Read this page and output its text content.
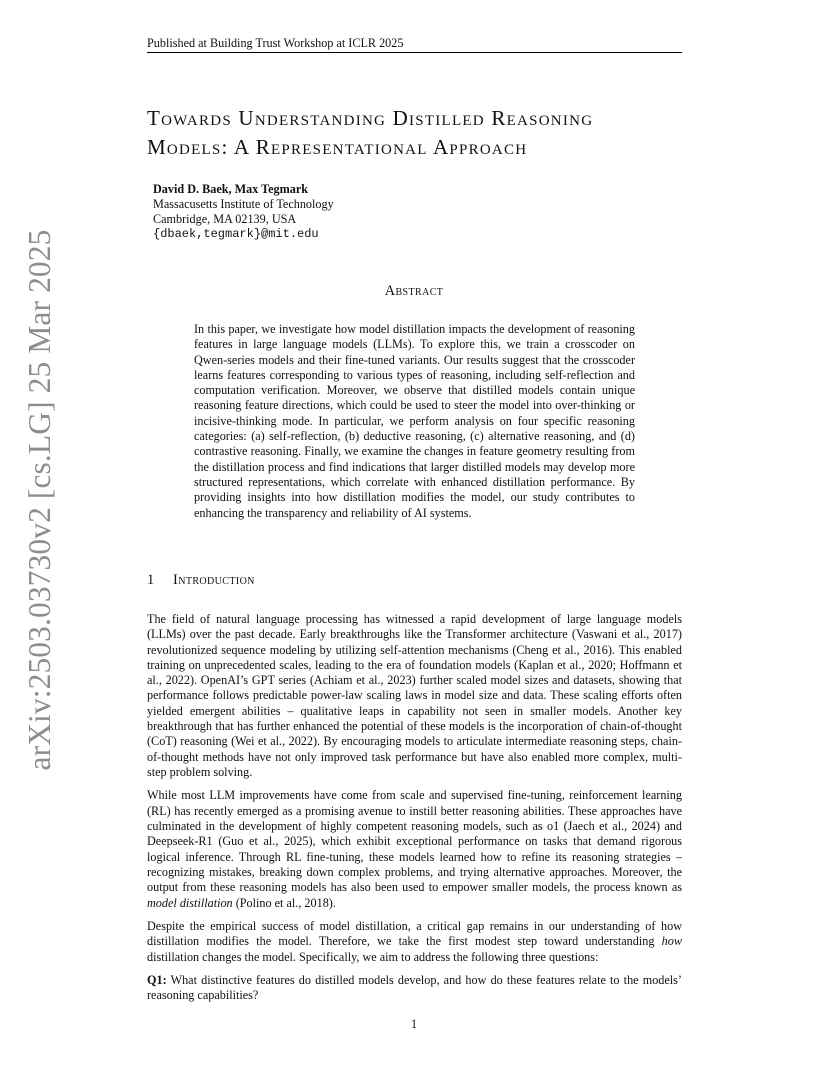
Published at Building Trust Workshop at ICLR 2025
arXiv:2503.03730v2 [cs.LG] 25 Mar 2025
Towards Understanding Distilled Reasoning
Models: A Representational Approach
David D. Baek, Max Tegmark
Massacusetts Institute of Technology
Cambridge, MA 02139, USA
{dbaek,tegmark}@mit.edu
Abstract

In this paper, we investigate how model distillation impacts the development of reasoning features in large language models (LLMs). To explore this, we train a crosscoder on Qwen-series models and their fine-tuned variants. Our results suggest that the crosscoder learns features corresponding to various types of reasoning, including self-reflection and computation verification. Moreover, we observe that distilled models contain unique reasoning feature directions, which could be used to steer the model into over-thinking or incisive-thinking mode. In particular, we perform analysis on four specific reasoning categories: (a) self-reflection, (b) deductive reasoning, (c) alternative reasoning, and (d) contrastive reasoning. Finally, we examine the changes in feature geometry resulting from the distillation process and find indications that larger distilled models may develop more structured representations, which correlate with enhanced distillation performance. By providing insights into how distillation modifies the model, our study contributes to enhancing the transparency and reliability of AI systems.

1 Introduction

The field of natural language processing has witnessed a rapid development of large language models (LLMs) over the past decade. Early breakthroughs like the Transformer architecture (Vaswani et al., 2017) revolutionized sequence modeling by utilizing self-attention mechanisms (Cheng et al., 2016). This enabled training on unprecedented scales, leading to the era of foundation models (Kaplan et al., 2020; Hoffmann et al., 2022). OpenAI’s GPT series (Achiam et al., 2023) further scaled model sizes and datasets, showing that performance follows predictable power-law scaling laws in model size and data. These scaling efforts often yielded emergent abilities – qualitative leaps in capability not seen in smaller models. Another key breakthrough that has further enhanced the potential of these models is the incorporation of chain-of-thought (CoT) reasoning (Wei et al., 2022). By encouraging models to articulate intermediate reasoning steps, chain-of-thought methods have not only improved task performance but have also enabled more complex, multi-step problem solving.

While most LLM improvements have come from scale and supervised fine-tuning, reinforcement learning (RL) has recently emerged as a promising avenue to instill better reasoning abilities. These approaches have culminated in the development of highly competent reasoning models, such as o1 (Jaech et al., 2024) and Deepseek-R1 (Guo et al., 2025), which exhibit exceptional performance on tasks that demand rigorous logical inference. Through RL fine-tuning, these models learned how to refine its reasoning strategies – recognizing mistakes, breaking down complex problems, and trying alternative approaches. Moreover, the output from these reasoning models has also been used to empower smaller models, the process known as model distillation (Polino et al., 2018).

Despite the empirical success of model distillation, a critical gap remains in our understanding of how distillation modifies the model. Therefore, we take the first modest step toward understanding how distillation changes the model. Specifically, we aim to address the following three questions:

Q1: What distinctive features do distilled models develop, and how do these features relate to the models’ reasoning capabilities?

1
